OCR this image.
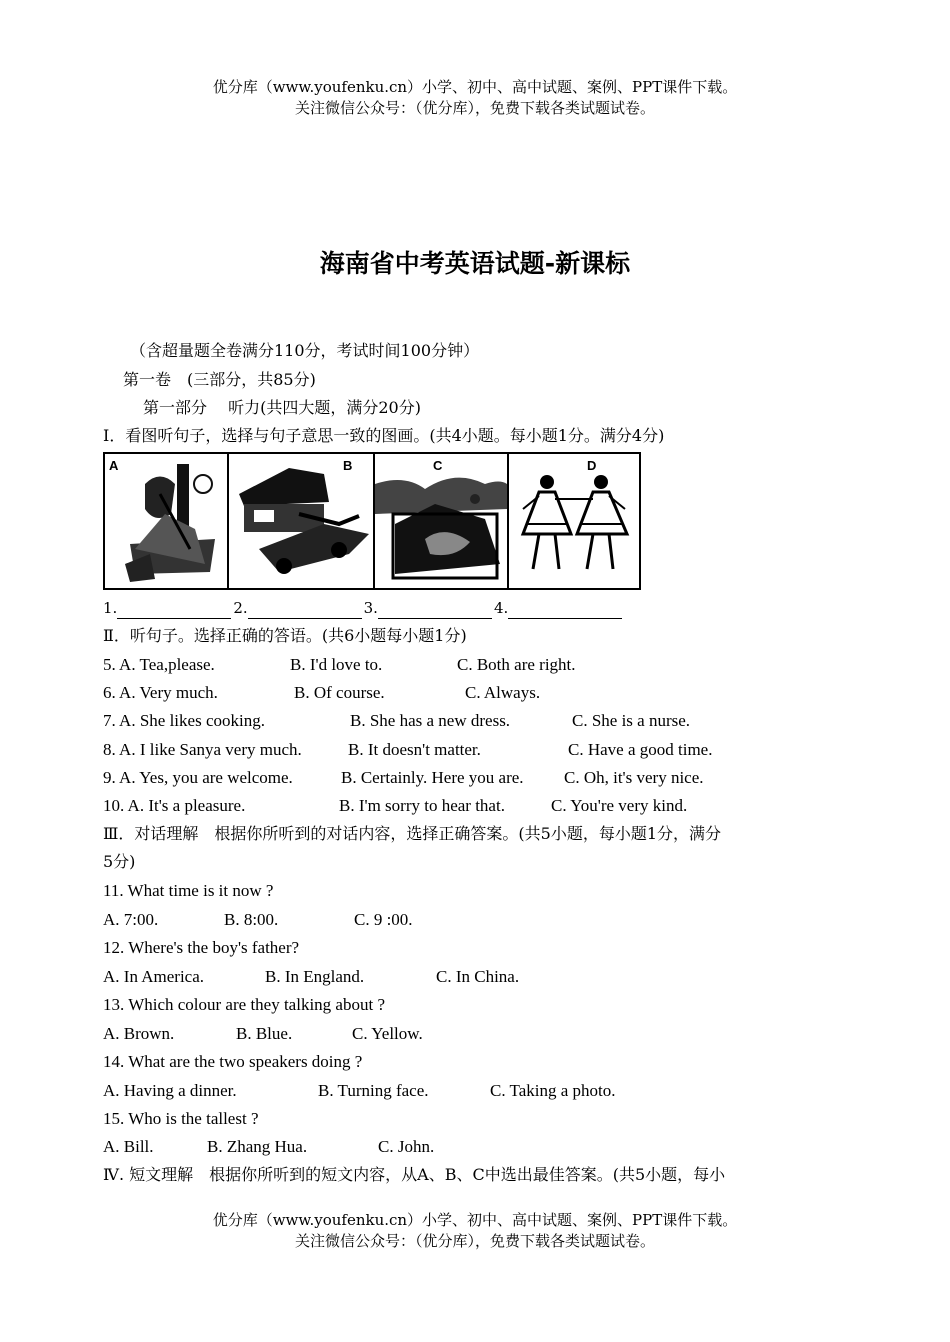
优分库（www.youfenku.cn）小学、初中、高中试题、案例、PPT课件下载。
关注微信公众号：（优分库），免费下载各类试题试卷。
海南省中考英语试题-新课标
（含超量题全卷满分110分，考试时间100分钟）
第一卷　(三部分，共85分)
第一部分　 听力(共四大题，满分20分)
Ⅰ．看图听句子，选择与句子意思一致的图画。(共4小题。每小题1分。满分4分)
A	B	C	D
1.	2.	3.	4.
Ⅱ．听句子。选择正确的答语。(共6小题每小题1分)
5. A. Tea,please.	B. I'd love to.	C. Both are right.
6. A. Very much.	B. Of course.	C. Always.
7. A. She likes cooking.	B. She has a new dress.	C. She is a nurse.
8. A. I like Sanya very much.	B. It doesn't matter.	C. Have a good time.
9. A. Yes, you are welcome.	B. Certainly. Here you are. C. Oh, it's very nice.
10. A. It's a pleasure.	B. I'm sorry to hear that.	C. You're very kind.
Ⅲ．对话理解　根据你所听到的对话内容，选择正确答案。(共5小题，每小题1分，满分
5分)
11. What time is it now ?
A. 7:00.	B. 8:00.	C. 9 :00.
12. Where's the boy's father?
A. In America.	B. In England.	C. In China.
13. Which colour are they talking about ?
A. Brown.	B. Blue.	C. Yellow.
14. What are the two speakers doing ?
A. Having a dinner.	B. Turning face.	C. Taking a photo.
15. Who is the tallest ?
A. Bill.	B. Zhang Hua.	C. John.
Ⅳ. 短文理解　根据你所听到的短文内容，从A、B、C中选出最佳答案。(共5小题，每小
优分库（www.youfenku.cn）小学、初中、高中试题、案例、PPT课件下载。
关注微信公众号：（优分库），免费下载各类试题试卷。
